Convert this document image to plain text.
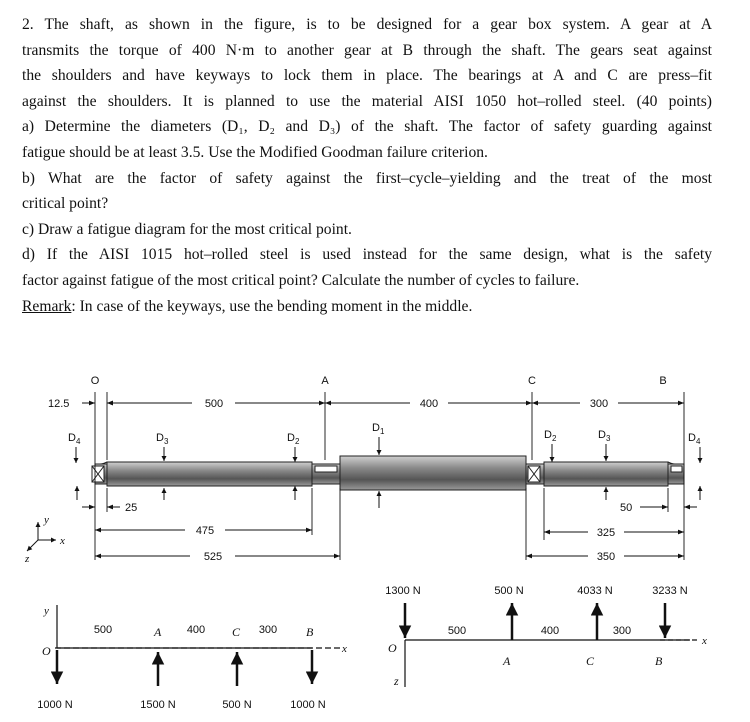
2. The shaft, as shown in the figure, is to be designed for a gear box system. A gear at A

transmits the torque of 400 N·m to another gear at B through the shaft. The gears seat against

the shoulders and have keyways to lock them in place. The bearings at A and C are press–fit

against the shoulders. It is planned to use the material AISI 1050 hot–rolled steel. (40 points)

a) Determine the diameters (D₁, D₂ and D₃) of the shaft. The factor of safety guarding against

fatigue should be at least 3.5. Use the Modified Goodman failure criterion.

b) What are the factor of safety against the first–cycle–yielding and the treat of the most

critical point?

c) Draw a fatigue diagram for the most critical point.

d) If the AISI 1015 hot–rolled steel is used instead for the same design, what is the safety

factor against fatigue of the most critical point? Calculate the number of cycles to failure.

Remark: In case of the keyways, use the bending moment in the middle.

12.5	500	400	300
O	A	C	B
$D_4$	$D_3$	$D_2$
$D_1$	$D_2$	$D_3$	$D_4$
25
475
525
50
325
350
y
x
z
y
O	x
500	400	300
A	C	B
1000 N	1500 N	500 N	1000 N
O
z
x
500	400	300
A	C	B
1300 N	500 N	4033 N	3233 N
